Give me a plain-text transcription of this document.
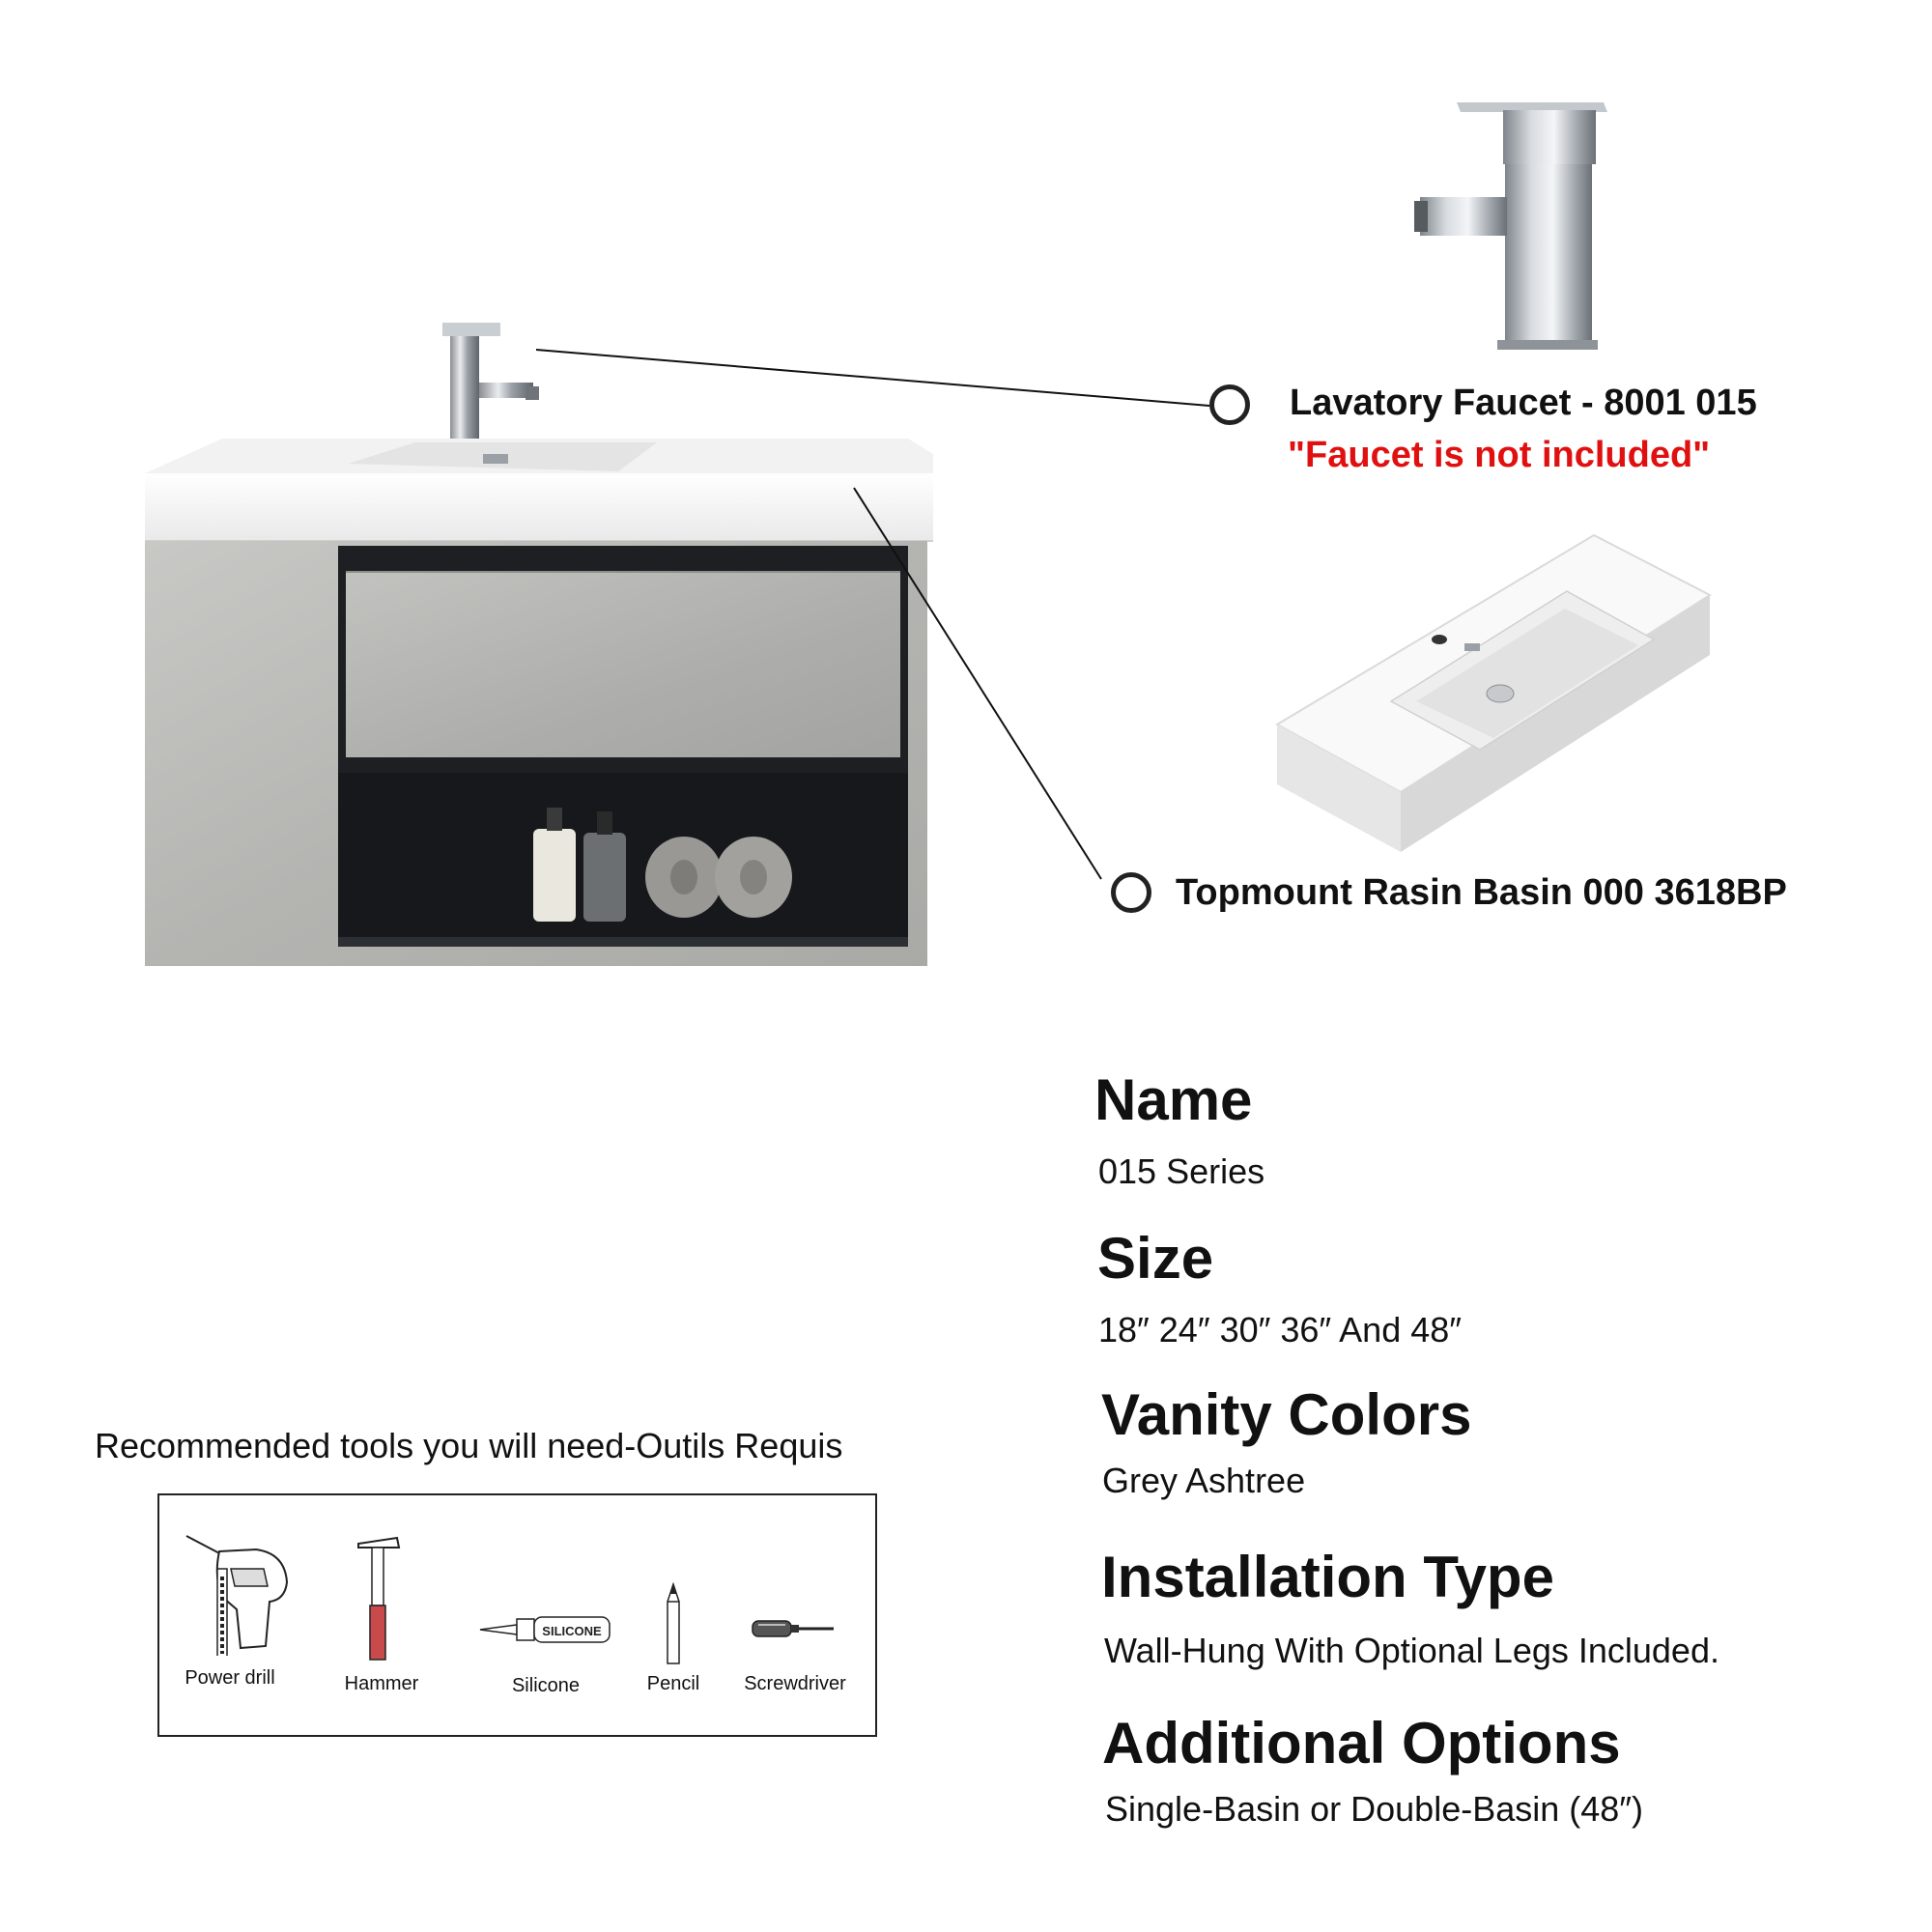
Lavatory Faucet - 8001 015
"Faucet is not included"
Topmount Rasin Basin 000 3618BP
Name
015 Series
Size
18″ 24″ 30″ 36″ And 48″
Vanity Colors
Grey Ashtree
Installation Type
Wall-Hung With Optional Legs Included.
Additional Options
Single-Basin or Double-Basin (48″)
Recommended tools you will need-Outils Requis
Power drill	Hammer
SILICONE
Silicone	Pencil	Screwdriver
